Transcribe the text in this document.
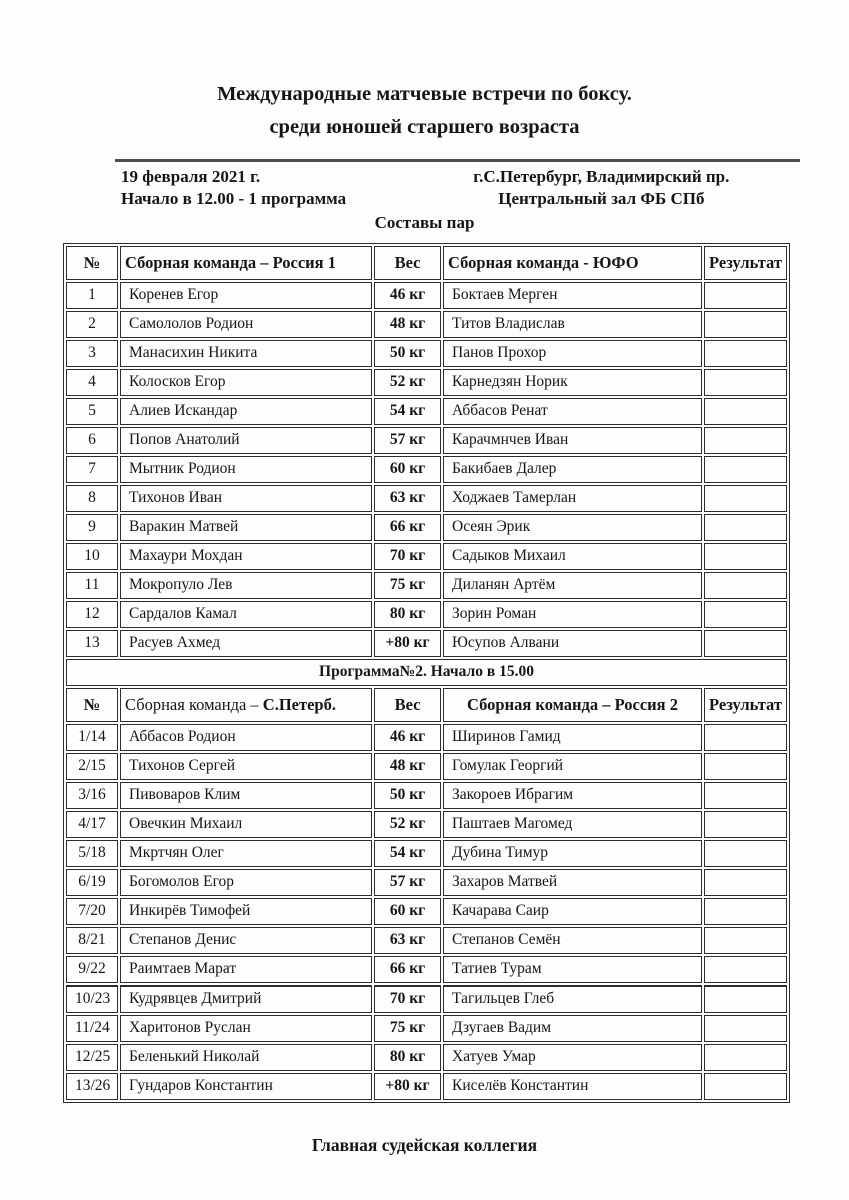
Международные матчевые встречи по боксу.
среди юношей старшего возраста
19 февраля 2021 г.
Начало в 12.00 - 1 программа
г.С.Петербург, Владимирский пр.
Центральный зал ФБ СПб
Составы пар
№	Сборная команда – Россия 1	Вес	Сборная команда - ЮФО	Результат
1	Коренев Егор	46 кг	Боктаев Мерген	
2	Самололов Родион	48 кг	Титов Владислав	
3	Манасихин Никита	50 кг	Панов Прохор	
4	Колосков Егор	52 кг	Карнедзян Норик	
5	Алиев Искандар	54 кг	Аббасов Ренат	
6	Попов Анатолий	57 кг	Карачмнчев Иван	
7	Мытник Родион	60 кг	Бакибаев Далер	
8	Тихонов Иван	63 кг	Ходжаев Тамерлан	
9	Варакин Матвей	66 кг	Осеян Эрик	
10	Махаури Мохдан	70 кг	Садыков Михаил	
11	Мокропуло Лев	75 кг	Диланян Артём	
12	Сардалов Камал	80 кг	Зорин Роман	
13	Расуев Ахмед	+80 кг	Юсупов Алвани	
Программа№2. Начало в 15.00				
№	Сборная команда – С.Петерб.	Вес	Сборная команда – Россия 2	Результат
1/14	Аббасов Родион	46 кг	Ширинов Гамид	
2/15	Тихонов Сергей	48 кг	Гомулак Георгий	
3/16	Пивоваров Клим	50 кг	Закороев Ибрагим	
4/17	Овечкин Михаил	52 кг	Паштаев Магомед	
5/18	Мкртчян Олег	54 кг	Дубина Тимур	
6/19	Богомолов Егор	57 кг	Захаров Матвей	
7/20	Инкирёв Тимофей	60 кг	Качарава Саир	
8/21	Степанов Денис	63 кг	Степанов Семён	
9/22	Раимтаев Марат	66 кг	Татиев Турам	
10/23	Кудрявцев Дмитрий	70 кг	Тагильцев Глеб	
11/24	Харитонов Руслан	75 кг	Дзугаев Вадим	
12/25	Беленький Николай	80 кг	Хатуев Умар	
13/26	Гундаров Константин	+80 кг	Киселёв Константин	
Главная судейская коллегия
